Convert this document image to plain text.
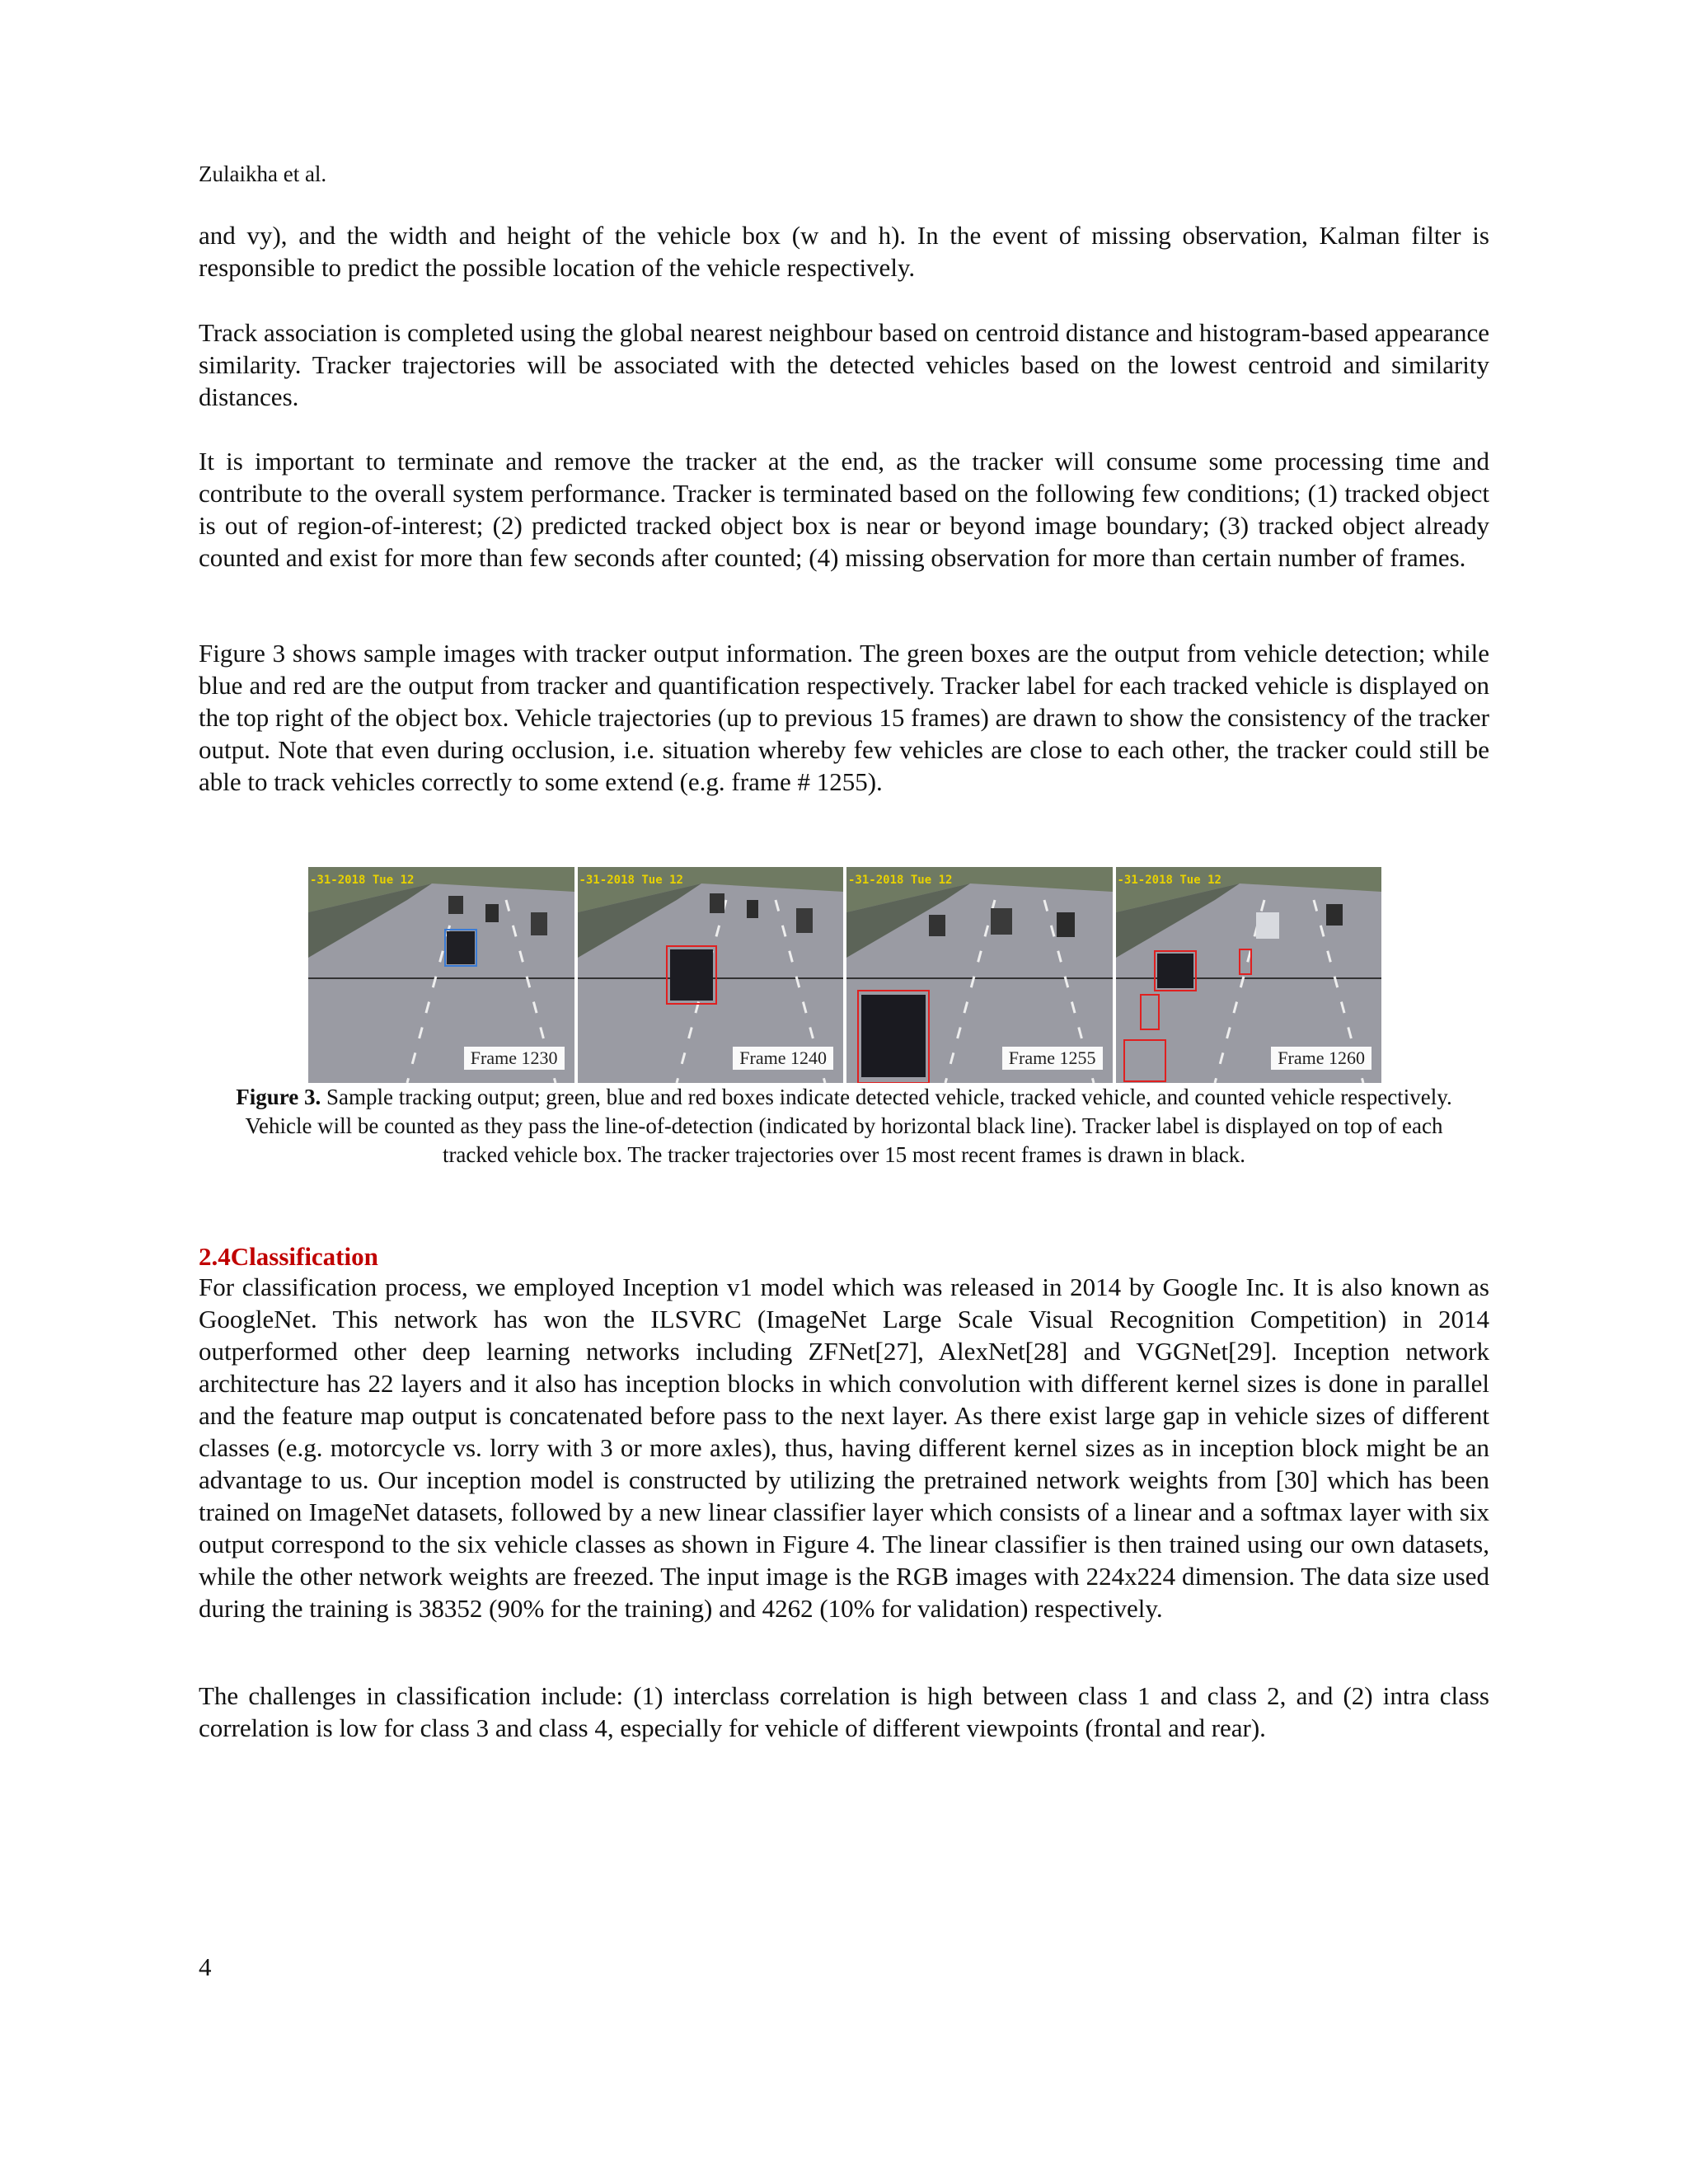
Zulaikha et al.

and vy), and the width and height of the vehicle box (w and h). In the event of missing observation, Kalman filter is responsible to predict the possible location of the vehicle respectively.

Track association is completed using the global nearest neighbour based on centroid distance and histogram-based appearance similarity. Tracker trajectories will be associated with the detected vehicles based on the lowest centroid and similarity distances.

It is important to terminate and remove the tracker at the end, as the tracker will consume some processing time and contribute to the overall system performance. Tracker is terminated based on the following few conditions; (1) tracked object is out of region-of-interest; (2) predicted tracked object box is near or beyond image boundary; (3) tracked object already counted and exist for more than few seconds after counted; (4) missing observation for more than certain number of frames.

Figure 3 shows sample images with tracker output information. The green boxes are the output from vehicle detection; while blue and red are the output from tracker and quantification respectively. Tracker label for each tracked vehicle is displayed on the top right of the object box. Vehicle trajectories (up to previous 15 frames) are drawn to show the consistency of the tracker output. Note that even during occlusion, i.e. situation whereby few vehicles are close to each other, the tracker could still be able to track vehicles correctly to some extend (e.g. frame # 1255).

-31-2018 Tue 12
Frame 1230
-31-2018 Tue 12
Frame 1240
-31-2018 Tue 12
Frame 1255
-31-2018 Tue 12
Frame 1260
Figure 3. Sample tracking output; green, blue and red boxes indicate detected vehicle, tracked vehicle, and counted vehicle respectively. Vehicle will be counted as they pass the line-of-detection (indicated by horizontal black line). Tracker label is displayed on top of each tracked vehicle box. The tracker trajectories over 15 most recent frames is drawn in black.
2.4Classification

For classification process, we employed Inception v1 model which was released in 2014 by Google Inc. It is also known as GoogleNet. This network has won the ILSVRC (ImageNet Large Scale Visual Recognition Competition) in 2014 outperformed other deep learning networks including ZFNet[27], AlexNet[28] and VGGNet[29]. Inception network architecture has 22 layers and it also has inception blocks in which convolution with different kernel sizes is done in parallel and the feature map output is concatenated before pass to the next layer. As there exist large gap in vehicle sizes of different classes (e.g. motorcycle vs. lorry with 3 or more axles), thus, having different kernel sizes as in inception block might be an advantage to us. Our inception model is constructed by utilizing the pretrained network weights from [30] which has been trained on ImageNet datasets, followed by a new linear classifier layer which consists of a linear and a softmax layer with six output correspond to the six vehicle classes as shown in Figure 4. The linear classifier is then trained using our own datasets, while the other network weights are freezed. The input image is the RGB images with 224x224 dimension. The data size used during the training is 38352 (90% for the training) and 4262 (10% for validation) respectively.

The challenges in classification include: (1) interclass correlation is high between class 1 and class 2, and (2) intra class correlation is low for class 3 and class 4, especially for vehicle of different viewpoints (frontal and rear).

4
